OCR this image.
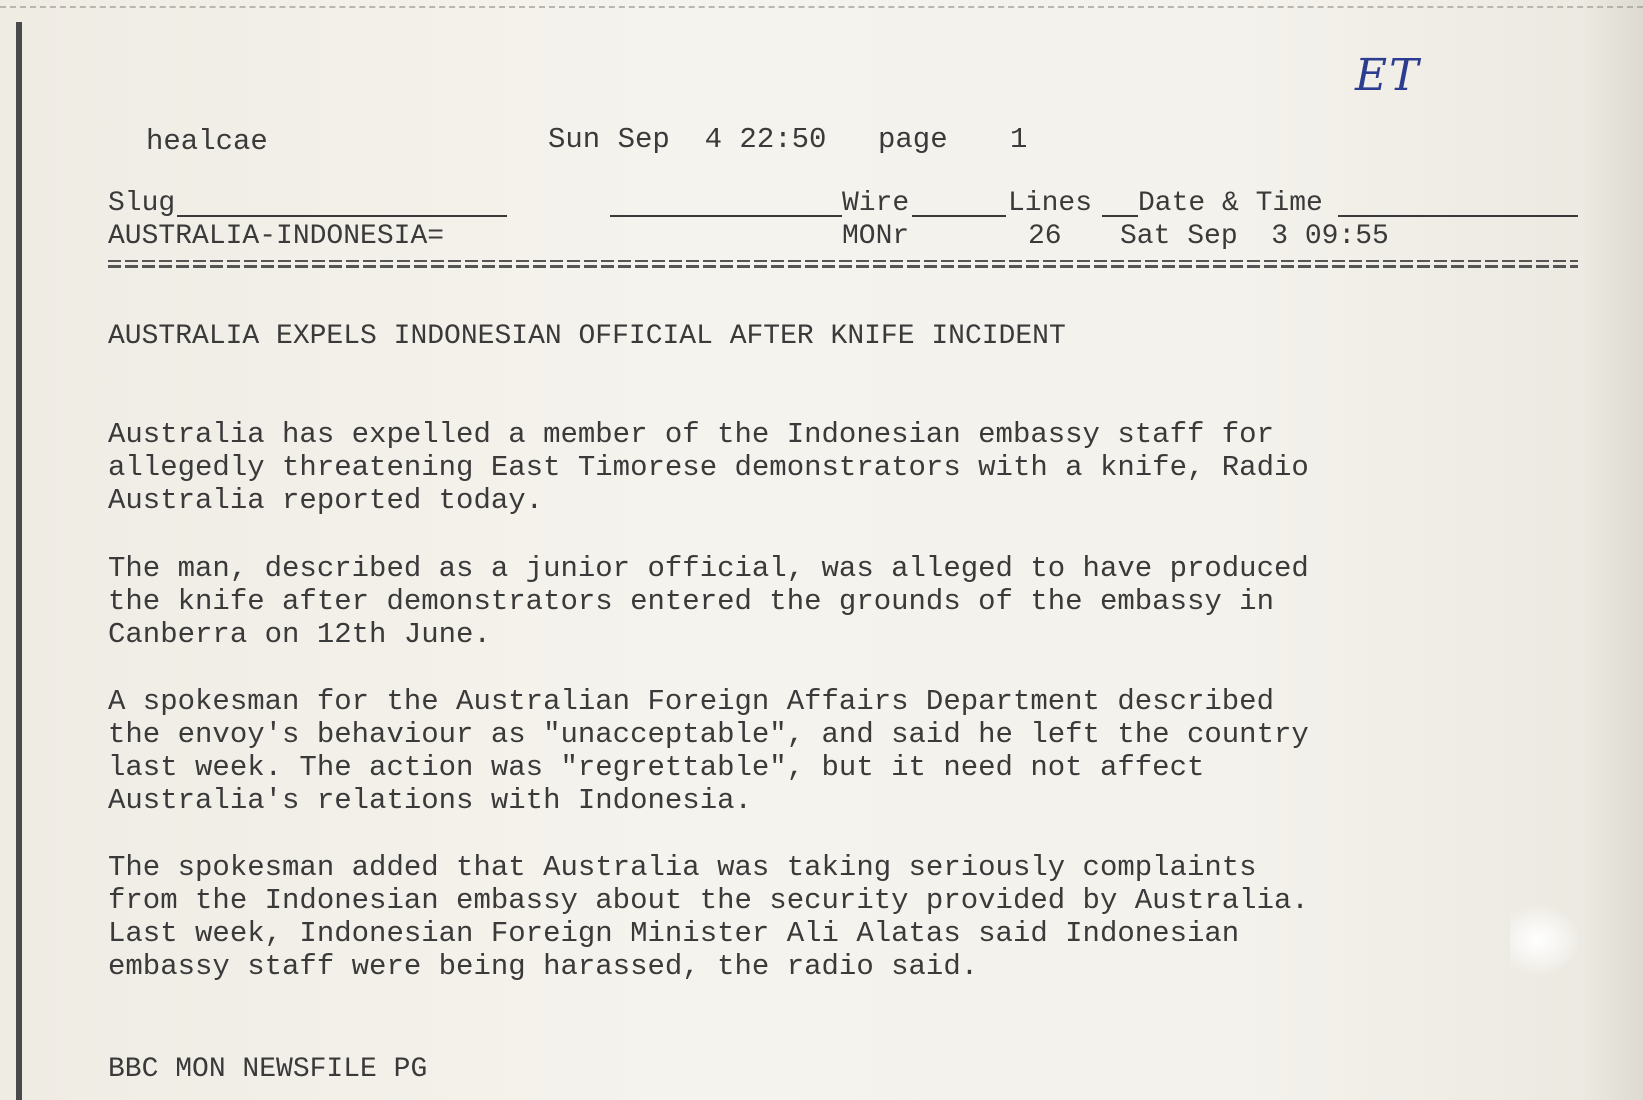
ET
healcae	Sun Sep  4 22:50 page 1
Slug	Wire	Lines Date & Time
AUSTRALIA-INDONESIA=	MONr	26 Sat Sep  3 09:55
AUSTRALIA EXPELS INDONESIAN OFFICIAL AFTER KNIFE INCIDENT
Australia has expelled a member of the Indonesian embassy staff for
allegedly threatening East Timorese demonstrators with a knife, Radio
Australia reported today.
The man, described as a junior official, was alleged to have produced
the knife after demonstrators entered the grounds of the embassy in
Canberra on 12th June.
A spokesman for the Australian Foreign Affairs Department described
the envoy's behaviour as "unacceptable", and said he left the country
last week. The action was "regrettable", but it need not affect
Australia's relations with Indonesia.
The spokesman added that Australia was taking seriously complaints
from the Indonesian embassy about the security provided by Australia.
Last week, Indonesian Foreign Minister Ali Alatas said Indonesian
embassy staff were being harassed, the radio said.
BBC MON NEWSFILE PG
